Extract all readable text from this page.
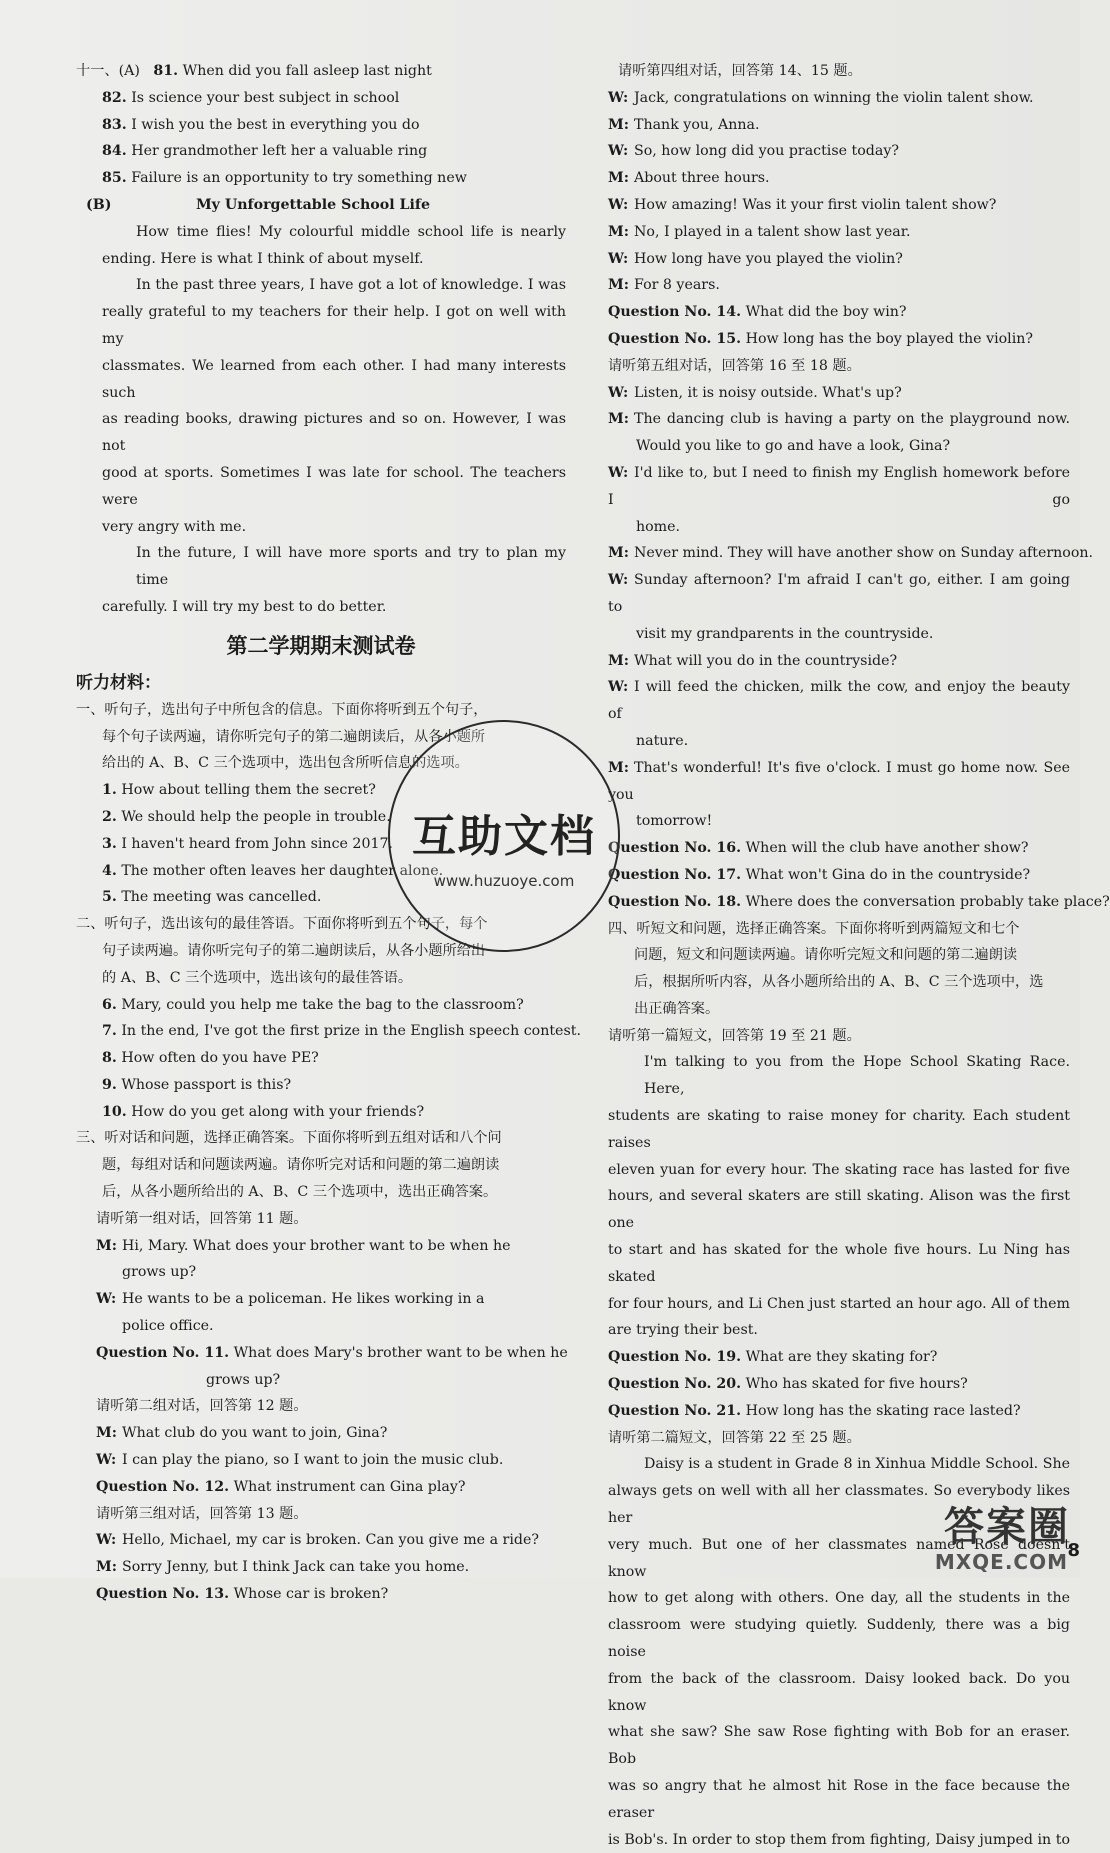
十一、(A) 81. When did you fall asleep last night
82. Is science your best subject in school
83. I wish you the best in everything you do
84. Her grandmother left her a valuable ring
85. Failure is an opportunity to try something new
(B)	My Unforgettable School Life
How time flies! My colourful middle school life is nearly
ending. Here is what I think of about myself.
In the past three years, I have got a lot of knowledge. I was
really grateful to my teachers for their help. I got on well with my
classmates. We learned from each other. I had many interests such
as reading books, drawing pictures and so on. However, I was not
good at sports. Sometimes I was late for school. The teachers were
very angry with me.
In the future, I will have more sports and try to plan my time
carefully. I will try my best to do better.
第二学期期末测试卷
听力材料：
一、听句子，选出句子中所包含的信息。下面你将听到五个句子，
每个句子读两遍，请你听完句子的第二遍朗读后，从各小题所
给出的 A、B、C 三个选项中，选出包含所听信息的选项。
1. How about telling them the secret?
2. We should help the people in trouble.
3. I haven't heard from John since 2017.
4. The mother often leaves her daughter alone.
5. The meeting was cancelled.
二、听句子，选出该句的最佳答语。下面你将听到五个句子，每个
句子读两遍。请你听完句子的第二遍朗读后，从各小题所给出
的 A、B、C 三个选项中，选出该句的最佳答语。
6. Mary, could you help me take the bag to the classroom?
7. In the end, I've got the first prize in the English speech contest.
8. How often do you have PE?
9. Whose passport is this?
10. How do you get along with your friends?
三、听对话和问题，选择正确答案。下面你将听到五组对话和八个问
题，每组对话和问题读两遍。请你听完对话和问题的第二遍朗读
后，从各小题所给出的 A、B、C 三个选项中，选出正确答案。
请听第一组对话，回答第 11 题。
M: Hi, Mary. What does your brother want to be when he
grows up?
W: He wants to be a policeman. He likes working in a
police office.
Question No. 11. What does Mary's brother want to be when he
grows up?
请听第二组对话，回答第 12 题。
M: What club do you want to join, Gina?
W: I can play the piano, so I want to join the music club.
Question No. 12. What instrument can Gina play?
请听第三组对话，回答第 13 题。
W: Hello, Michael, my car is broken. Can you give me a ride?
M: Sorry Jenny, but I think Jack can take you home.
Question No. 13. Whose car is broken?
请听第四组对话，回答第 14、15 题。
W: Jack, congratulations on winning the violin talent show.
M: Thank you, Anna.
W: So, how long did you practise today?
M: About three hours.
W: How amazing! Was it your first violin talent show?
M: No, I played in a talent show last year.
W: How long have you played the violin?
M: For 8 years.
Question No. 14. What did the boy win?
Question No. 15. How long has the boy played the violin?
请听第五组对话，回答第 16 至 18 题。
W: Listen, it is noisy outside. What's up?
M: The dancing club is having a party on the playground now.
Would you like to go and have a look, Gina?
W: I'd like to, but I need to finish my English homework before I go
home.
M: Never mind. They will have another show on Sunday afternoon.
W: Sunday afternoon? I'm afraid I can't go, either. I am going to
visit my grandparents in the countryside.
M: What will you do in the countryside?
W: I will feed the chicken, milk the cow, and enjoy the beauty of
nature.
M: That's wonderful! It's five o'clock. I must go home now. See you
tomorrow!
Question No. 16. When will the club have another show?
Question No. 17. What won't Gina do in the countryside?
Question No. 18. Where does the conversation probably take place?
四、听短文和问题，选择正确答案。下面你将听到两篇短文和七个
问题，短文和问题读两遍。请你听完短文和问题的第二遍朗读
后，根据所听内容，从各小题所给出的 A、B、C 三个选项中，选
出正确答案。
请听第一篇短文，回答第 19 至 21 题。
I'm talking to you from the Hope School Skating Race. Here,
students are skating to raise money for charity. Each student raises
eleven yuan for every hour. The skating race has lasted for five
hours, and several skaters are still skating. Alison was the first one
to start and has skated for the whole five hours. Lu Ning has skated
for four hours, and Li Chen just started an hour ago. All of them
are trying their best.
Question No. 19. What are they skating for?
Question No. 20. Who has skated for five hours?
Question No. 21. How long has the skating race lasted?
请听第二篇短文，回答第 22 至 25 题。
Daisy is a student in Grade 8 in Xinhua Middle School. She
always gets on well with all her classmates. So everybody likes her
very much. But one of her classmates named Rose doesn't know
how to get along with others. One day, all the students in the
classroom were studying quietly. Suddenly, there was a big noise
from the back of the classroom. Daisy looked back. Do you know
what she saw? She saw Rose fighting with Bob for an eraser. Bob
was so angry that he almost hit Rose in the face because the eraser
is Bob's. In order to stop them from fighting, Daisy jumped in to
互助文档
www.huzuoye.com
答案圈
MXQE.COM 8
